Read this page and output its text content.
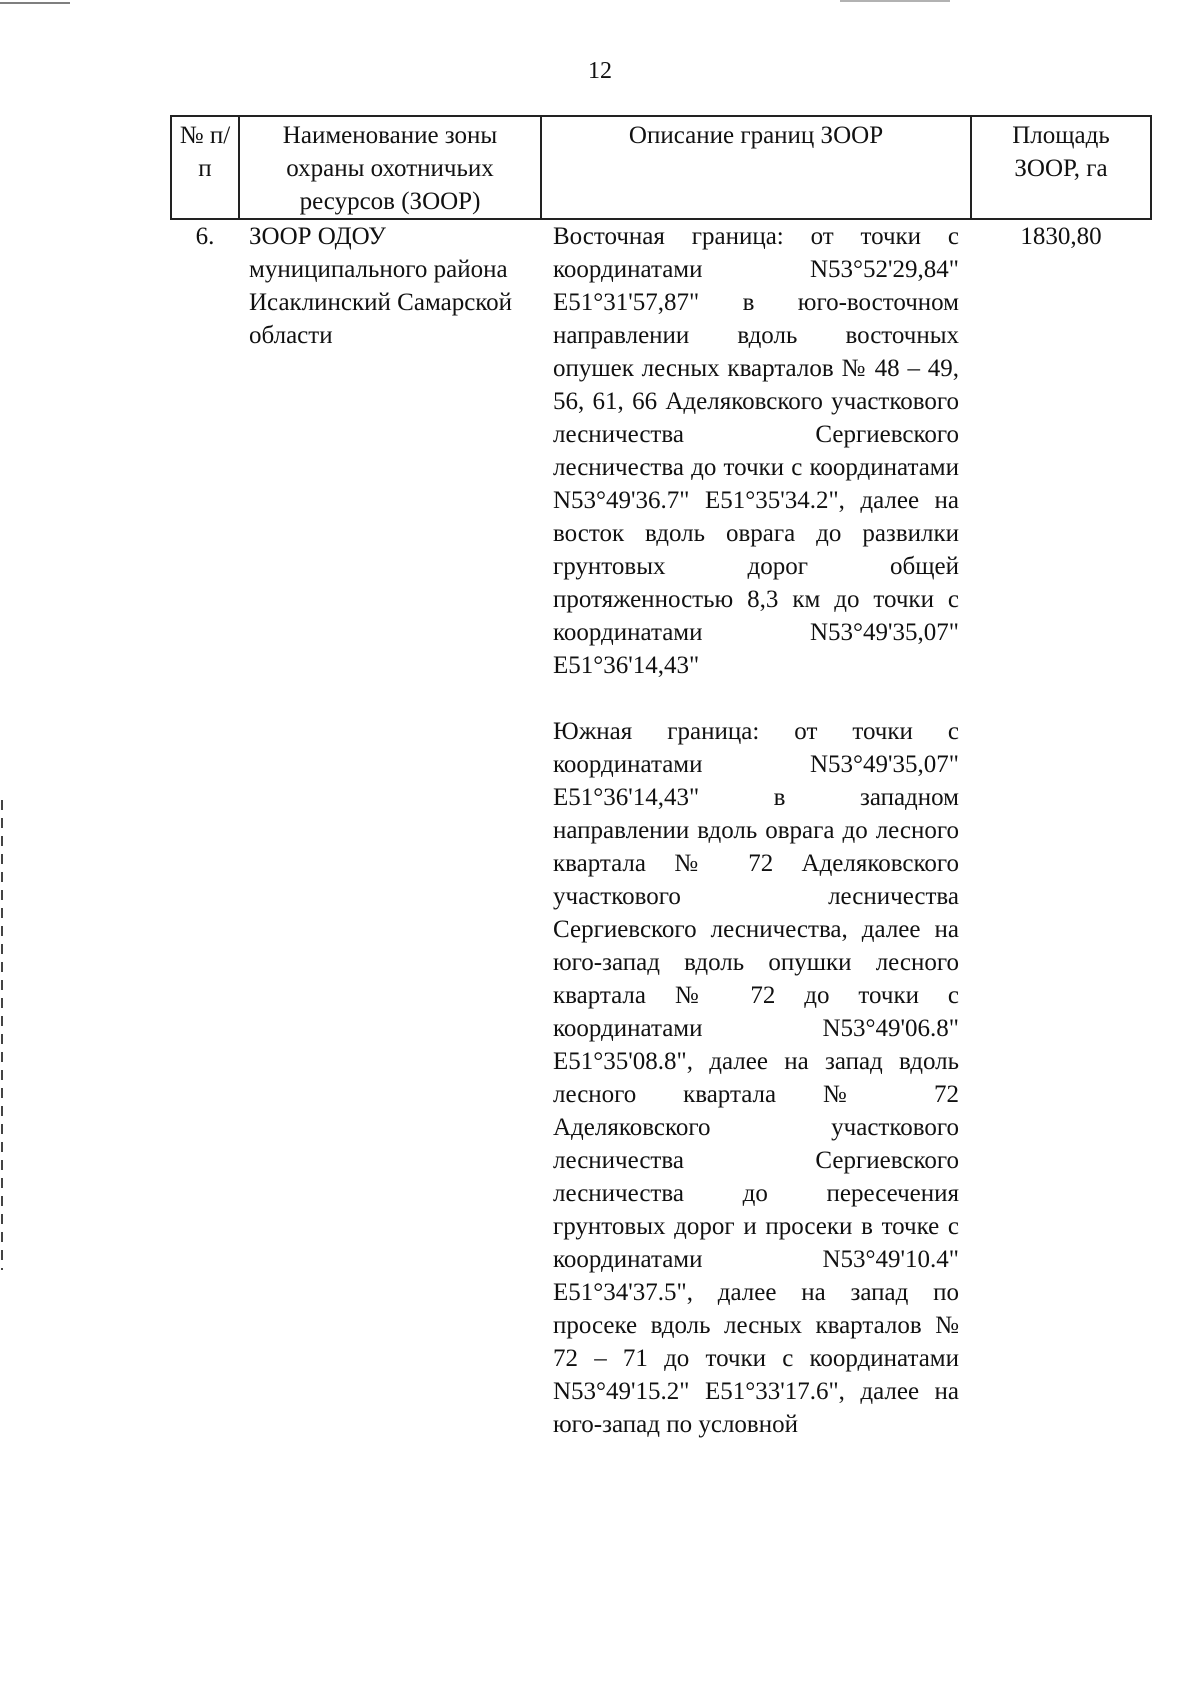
12
№ п/п	Наименование зоны охраны охотничьих ресурсов (ЗООР)	Описание границ ЗООР	Площадь ЗООР, га
6.	ЗООР ОДОУ муниципального района Исаклинский Самарской области	Восточная граница: от точки с координатами N53°52'29,84" E51°31'57,87" в юго-восточном направлении вдоль восточных опушек лесных кварталов № 48 – 49, 56, 61, 66 Аделяковского участкового лесничества Сергиевского лесничества до точки с координатами N53°49'36.7" E51°35'34.2", далее на восток вдоль оврага до развилки грунтовых дорог общей протяженностью 8,3 км до точки с координатами N53°49'35,07" E51°36'14,43"

Южная граница: от точки с координатами N53°49'35,07" E51°36'14,43" в западном направлении вдоль оврага до лесного квартала № 72 Аделяковского участкового лесничества Сергиевского лесничества, далее на юго-запад вдоль опушки лесного квартала № 72 до точки с координатами N53°49'06.8" E51°35'08.8", далее на запад вдоль лесного квартала № 72 Аделяковского участкового лесничества Сергиевского лесничества до пересечения грунтовых дорог и просеки в точке с координатами N53°49'10.4" E51°34'37.5", далее на запад по просеке вдоль лесных кварталов № 72 – 71 до точки с координатами N53°49'15.2" E51°33'17.6", далее на юго-запад по условной	1830,80
